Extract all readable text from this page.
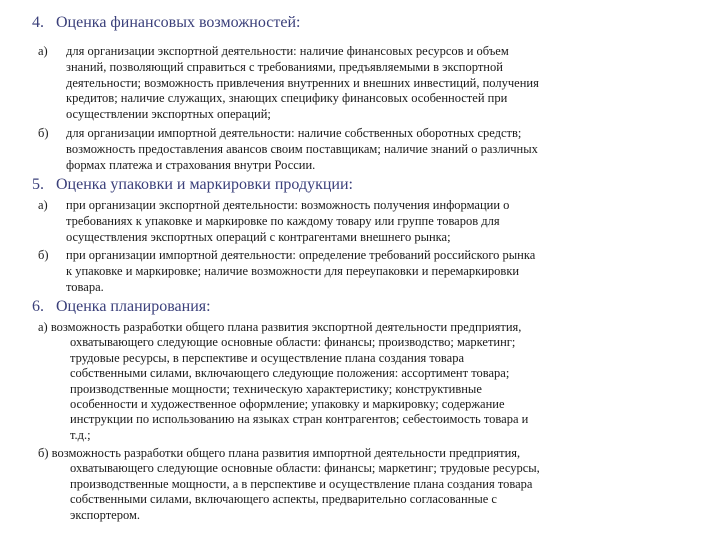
4. Оценка финансовых возможностей:
а) для организации экспортной деятельности: наличие финансовых ресурсов и объем
знаний, позволяющий справиться с требованиями, предъявляемыми в экспортной
деятельности; возможность привлечения внутренних и внешних инвестиций, получения
кредитов; наличие служащих, знающих специфику финансовых особенностей при
осуществлении экспортных операций;
б) для организации импортной деятельности: наличие собственных оборотных средств;
возможность предоставления авансов своим поставщикам; наличие знаний о различных
формах платежа и страхования внутри России.
5. Оценка упаковки и маркировки продукции:
а) при организации экспортной деятельности: возможность получения информации о
требованиях к упаковке и маркировке по каждому товару или группе товаров для
осуществления экспортных операций с контрагентами внешнего рынка;
б) при организации импортной деятельности: определение требований российского рынка
к упаковке и маркировке; наличие возможности для переупаковки и перемаркировки
товара.
6. Оценка планирования:
а) возможность разработки общего плана развития экспортной деятельности предприятия,
охватывающего следующие основные области: финансы; производство; маркетинг;
трудовые ресурсы, в перспективе и осуществление плана создания товара
собственными силами, включающего следующие положения: ассортимент товара;
производственные мощности; техническую характеристику; конструктивные
особенности и художественное оформление; упаковку и маркировку; содержание
инструкции по использованию на языках стран контрагентов; себестоимость товара и
т.д.;
б) возможность разработки общего плана развития импортной деятельности предприятия,
охватывающего следующие основные области: финансы; маркетинг; трудовые ресурсы,
производственные мощности, а в перспективе и осуществление плана создания товара
собственными силами, включающего аспекты, предварительно согласованные с
экспортером.
